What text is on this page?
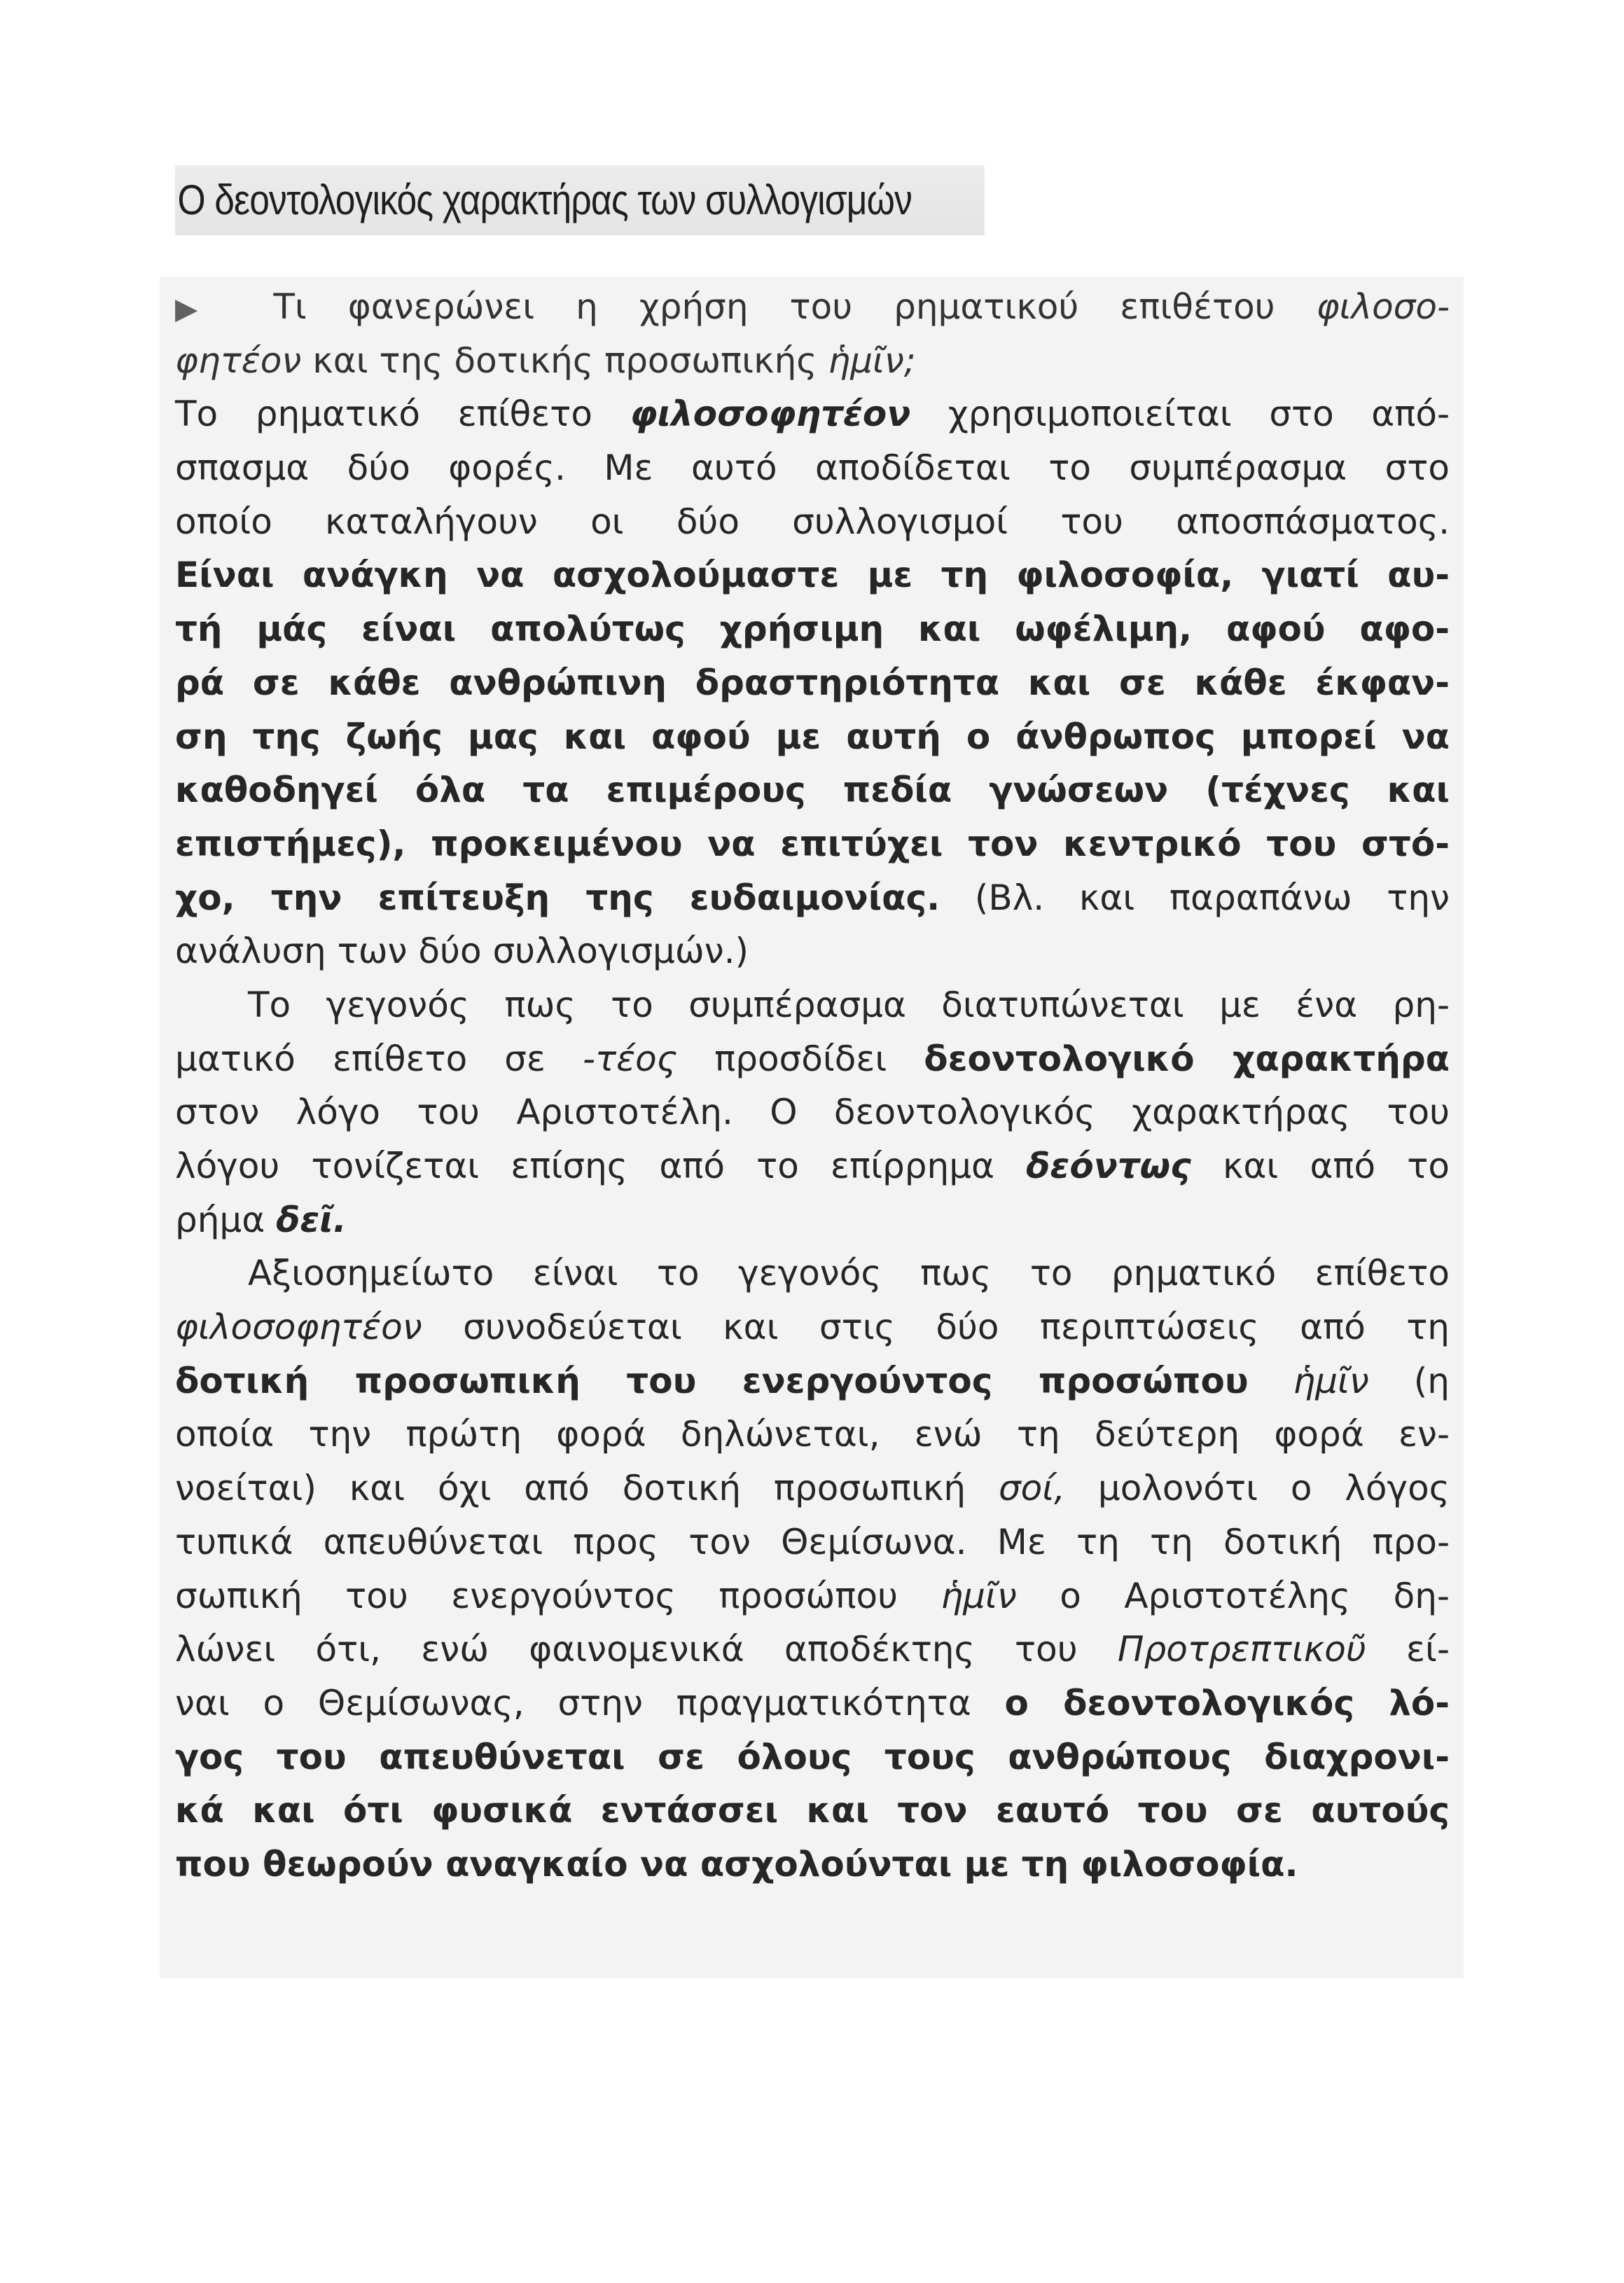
Ο δεοντολογικός χαρακτήρας των συλλογισμών
▶ Τι φανερώνει η χρήση του ρηματικού επιθέτου φιλοσο-
φητέον και της δοτικής προσωπικής ἡμῖν;
Το ρηματικό επίθετο φιλοσοφητέον χρησιμοποιείται στο από-
σπασμα δύο φορές. Με αυτό αποδίδεται το συμπέρασμα στο
οποίο καταλήγουν οι δύο συλλογισμοί του αποσπάσματος.
Είναι ανάγκη να ασχολούμαστε με τη φιλοσοφία, γιατί αυ-
τή μάς είναι απολύτως χρήσιμη και ωφέλιμη, αφού αφο-
ρά σε κάθε ανθρώπινη δραστηριότητα και σε κάθε έκφαν-
ση της ζωής μας και αφού με αυτή ο άνθρωπος μπορεί να
καθοδηγεί όλα τα επιμέρους πεδία γνώσεων (τέχνες και
επιστήμες), προκειμένου να επιτύχει τον κεντρικό του στό-
χο, την επίτευξη της ευδαιμονίας. (Βλ. και παραπάνω την
ανάλυση των δύο συλλογισμών.)
Το γεγονός πως το συμπέρασμα διατυπώνεται με ένα ρη-
ματικό επίθετο σε -τέος προσδίδει δεοντολογικό χαρακτήρα
στον λόγο του Αριστοτέλη. Ο δεοντολογικός χαρακτήρας του
λόγου τονίζεται επίσης από το επίρρημα δεόντως και από το
ρήμα δεῖ.
Αξιοσημείωτο είναι το γεγονός πως το ρηματικό επίθετο
φιλοσοφητέον συνοδεύεται και στις δύο περιπτώσεις από τη
δοτική προσωπική του ενεργούντος προσώπου ἡμῖν (η
οποία την πρώτη φορά δηλώνεται, ενώ τη δεύτερη φορά εν-
νοείται) και όχι από δοτική προσωπική σοί, μολονότι ο λόγος
τυπικά απευθύνεται προς τον Θεμίσωνα. Με τη τη δοτική προ-
σωπική του ενεργούντος προσώπου ἡμῖν ο Αριστοτέλης δη-
λώνει ότι, ενώ φαινομενικά αποδέκτης του Προτρεπτικοῦ εί-
ναι ο Θεμίσωνας, στην πραγματικότητα ο δεοντολογικός λό-
γος του απευθύνεται σε όλους τους ανθρώπους διαχρονι-
κά και ότι φυσικά εντάσσει και τον εαυτό του σε αυτούς
που θεωρούν αναγκαίο να ασχολούνται με τη φιλοσοφία.
